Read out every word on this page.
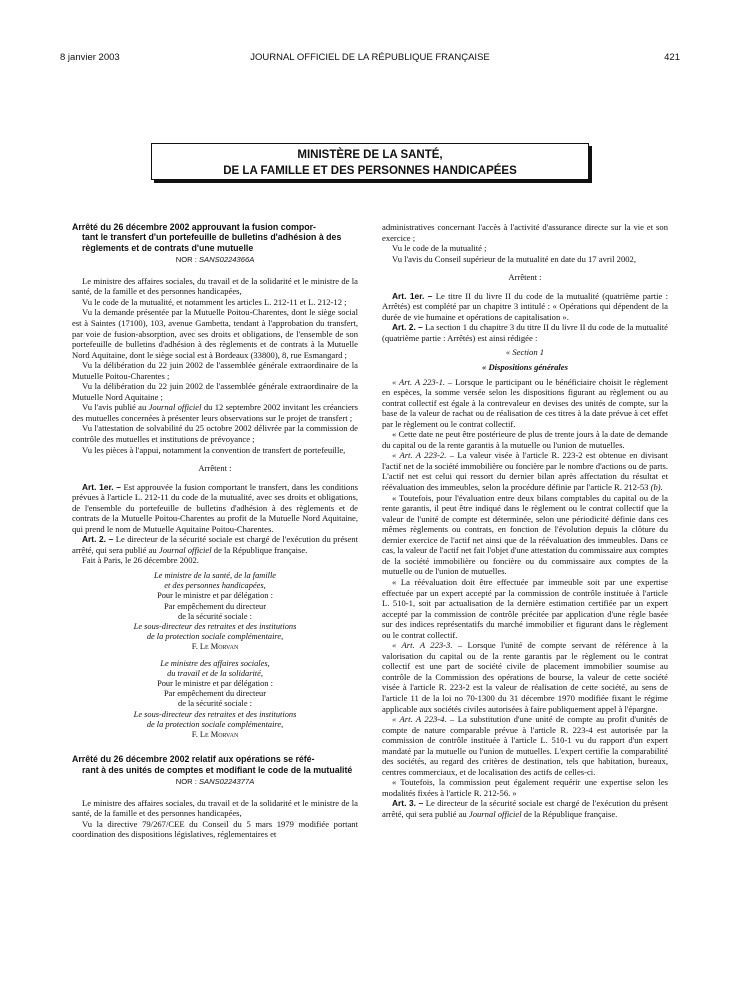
8 janvier 2003	JOURNAL OFFICIEL DE LA RÉPUBLIQUE FRANÇAISE	421
MINISTÈRE DE LA SANTÉ,
DE LA FAMILLE ET DES PERSONNES HANDICAPÉES
Arrêté du 26 décembre 2002 approuvant la fusion compor-
tant le transfert d'un portefeuille de bulletins d'adhésion à des règlements et de contrats d'une mutuelle
NOR : SANS0224366A

Le ministre des affaires sociales, du travail et de la solidarité et le ministre de la santé, de la famille et des personnes handicapées,

Vu le code de la mutualité, et notamment les articles L. 212-11 et L. 212-12 ;

Vu la demande présentée par la Mutuelle Poitou-Charentes, dont le siège social est à Saintes (17100), 103, avenue Gambetta, tendant à l'approbation du transfert, par voie de fusion-absorption, avec ses droits et obligations, de l'ensemble de son portefeuille de bulletins d'adhésion à des règlements et de contrats à la Mutuelle Nord Aquitaine, dont le siège social est à Bordeaux (33800), 8, rue Esmangard ;

Vu la délibération du 22 juin 2002 de l'assemblée générale extraordinaire de la Mutuelle Poitou-Charentes ;

Vu la délibération du 22 juin 2002 de l'assemblée générale extraordinaire de la Mutuelle Nord Aquitaine ;

Vu l'avis publié au Journal officiel du 12 septembre 2002 invitant les créanciers des mutuelles concernées à présenter leurs observations sur le projet de transfert ;

Vu l'attestation de solvabilité du 25 octobre 2002 délivrée par la commission de contrôle des mutuelles et institutions de prévoyance ;

Vu les pièces à l'appui, notamment la convention de transfert de portefeuille,

Arrêtent :

Art. 1er. – Est approuvée la fusion comportant le transfert, dans les conditions prévues à l'article L. 212-11 du code de la mutualité, avec ses droits et obligations, de l'ensemble du portefeuille de bulletins d'adhésion à des règlements et de contrats de la Mutuelle Poitou-Charentes au profit de la Mutuelle Nord Aquitaine, qui prend le nom de Mutuelle Aquitaine Poitou-Charentes.

Art. 2. – Le directeur de la sécurité sociale est chargé de l'exécution du présent arrêté, qui sera publié au Journal officiel de la République française.

Fait à Paris, le 26 décembre 2002.

Le ministre de la santé, de la famille
et des personnes handicapées,
Pour le ministre et par délégation :
Par empêchement du directeur
de la sécurité sociale :
Le sous-directeur des retraites et des institutions
de la protection sociale complémentaire,
F. Le Morvan
Le ministre des affaires sociales,
du travail et de la solidarité,
Pour le ministre et par délégation :
Par empêchement du directeur
de la sécurité sociale :
Le sous-directeur des retraites et des institutions
de la protection sociale complémentaire,
F. Le Morvan
Arrêté du 26 décembre 2002 relatif aux opérations se réfé-
rant à des unités de comptes et modifiant le code de la mutualité
NOR : SANS0224377A

Le ministre des affaires sociales, du travail et de la solidarité et le ministre de la santé, de la famille et des personnes handicapées,

Vu la directive 79/267/CEE du Conseil du 5 mars 1979 modifiée portant coordination des dispositions législatives, réglementaires et

administratives concernant l'accès à l'activité d'assurance directe sur la vie et son exercice ;

Vu le code de la mutualité ;

Vu l'avis du Conseil supérieur de la mutualité en date du 17 avril 2002,

Arrêtent :

Art. 1er. – Le titre II du livre II du code de la mutualité (quatrième partie : Arrêtés) est complété par un chapitre 3 intitulé : « Opérations qui dépendent de la durée de vie humaine et opérations de capitalisation ».

Art. 2. – La section 1 du chapitre 3 du titre II du livre II du code de la mutualité (quatrième partie : Arrêtés) est ainsi rédigée :

« Section 1

« Dispositions générales

« Art. A 223-1. – Lorsque le participant ou le bénéficiaire choisit le règlement en espèces, la somme versée selon les dispositions figurant au règlement ou au contrat collectif est égale à la contrevaleur en devises des unités de compte, sur la base de la valeur de rachat ou de réalisation de ces titres à la date prévue à cet effet par le règlement ou le contrat collectif.

« Cette date ne peut être postérieure de plus de trente jours à la date de demande du capital ou de la rente garantis à la mutuelle ou l'union de mutuelles.

« Art. A 223-2. – La valeur visée à l'article R. 223-2 est obtenue en divisant l'actif net de la société immobilière ou foncière par le nombre d'actions ou de parts. L'actif net est celui qui ressort du dernier bilan après affectation du résultat et réévaluation des immeubles, selon la procédure définie par l'article R. 212-53 (b).

« Toutefois, pour l'évaluation entre deux bilans comptables du capital ou de la rente garantis, il peut être indiqué dans le règlement ou le contrat collectif que la valeur de l'unité de compte est déterminée, selon une périodicité définie dans ces mêmes règlements ou contrats, en fonction de l'évolution depuis la clôture du dernier exercice de l'actif net ainsi que de la réévaluation des immeubles. Dans ce cas, la valeur de l'actif net fait l'objet d'une attestation du commissaire aux comptes de la société immobilière ou foncière ou du commissaire aux comptes de la mutuelle ou de l'union de mutuelles.

« La réévaluation doit être effectuée par immeuble soit par une expertise effectuée par un expert accepté par la commission de contrôle instituée à l'article L. 510-1, soit par actualisation de la dernière estimation certifiée par un expert accepté par la commission de contrôle précitée par application d'une règle basée sur des indices représentatifs du marché immobilier et figurant dans le règlement ou le contrat collectif.

« Art. A 223-3. – Lorsque l'unité de compte servant de référence à la valorisation du capital ou de la rente garantis par le règlement ou le contrat collectif est une part de société civile de placement immobilier soumise au contrôle de la Commission des opérations de bourse, la valeur de cette société visée à l'article R. 223-2 est la valeur de réalisation de cette société, au sens de l'article 11 de la loi no 70-1300 du 31 décembre 1970 modifiée fixant le régime applicable aux sociétés civiles autorisées à faire publiquement appel à l'épargne.

« Art. A 223-4. – La substitution d'une unité de compte au profit d'unités de compte de nature comparable prévue à l'article R. 223-4 est autorisée par la commission de contrôle instituée à l'article L. 510-1 vu du rapport d'un expert mandaté par la mutuelle ou l'union de mutuelles. L'expert certifie la comparabilité des sociétés, au regard des critères de destination, tels que habitation, bureaux, centres commerciaux, et de localisation des actifs de celles-ci.

« Toutefois, la commission peut également requérir une expertise selon les modalités fixées à l'article R. 212-56. »

Art. 3. – Le directeur de la sécurité sociale est chargé de l'exécution du présent arrêté, qui sera publié au Journal officiel de la République française.
